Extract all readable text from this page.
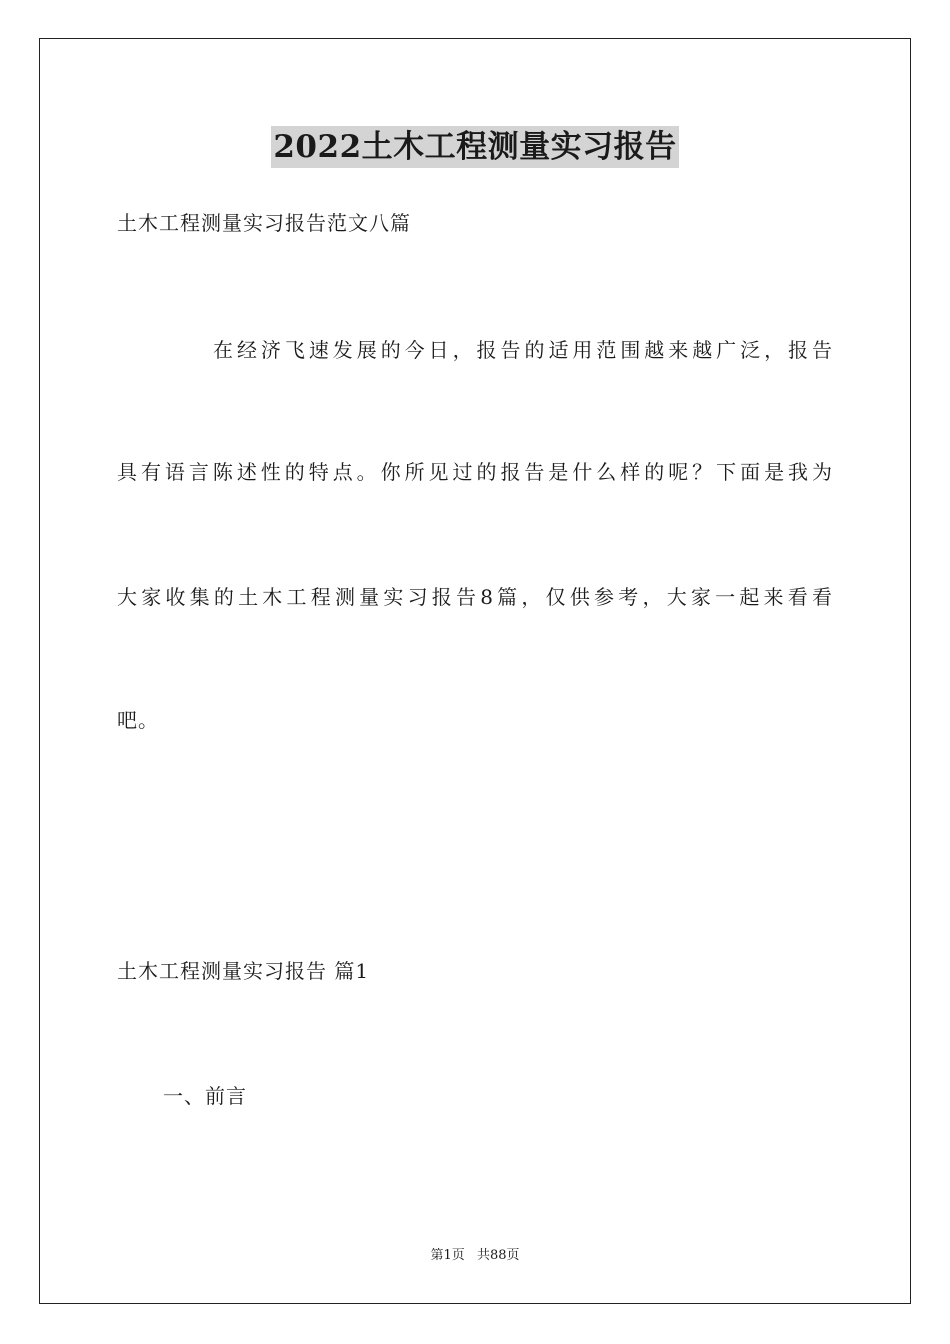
2022土木工程测量实习报告
土木工程测量实习报告范文八篇
在经济飞速发展的今日，报告的适用范围越来越广泛，报告
具有语言陈述性的特点。你所见过的报告是什么样的呢？下面是我为
大家收集的土木工程测量实习报告8篇，仅供参考，大家一起来看看
吧。
土木工程测量实习报告 篇1
一、前言
第1页 共88页
